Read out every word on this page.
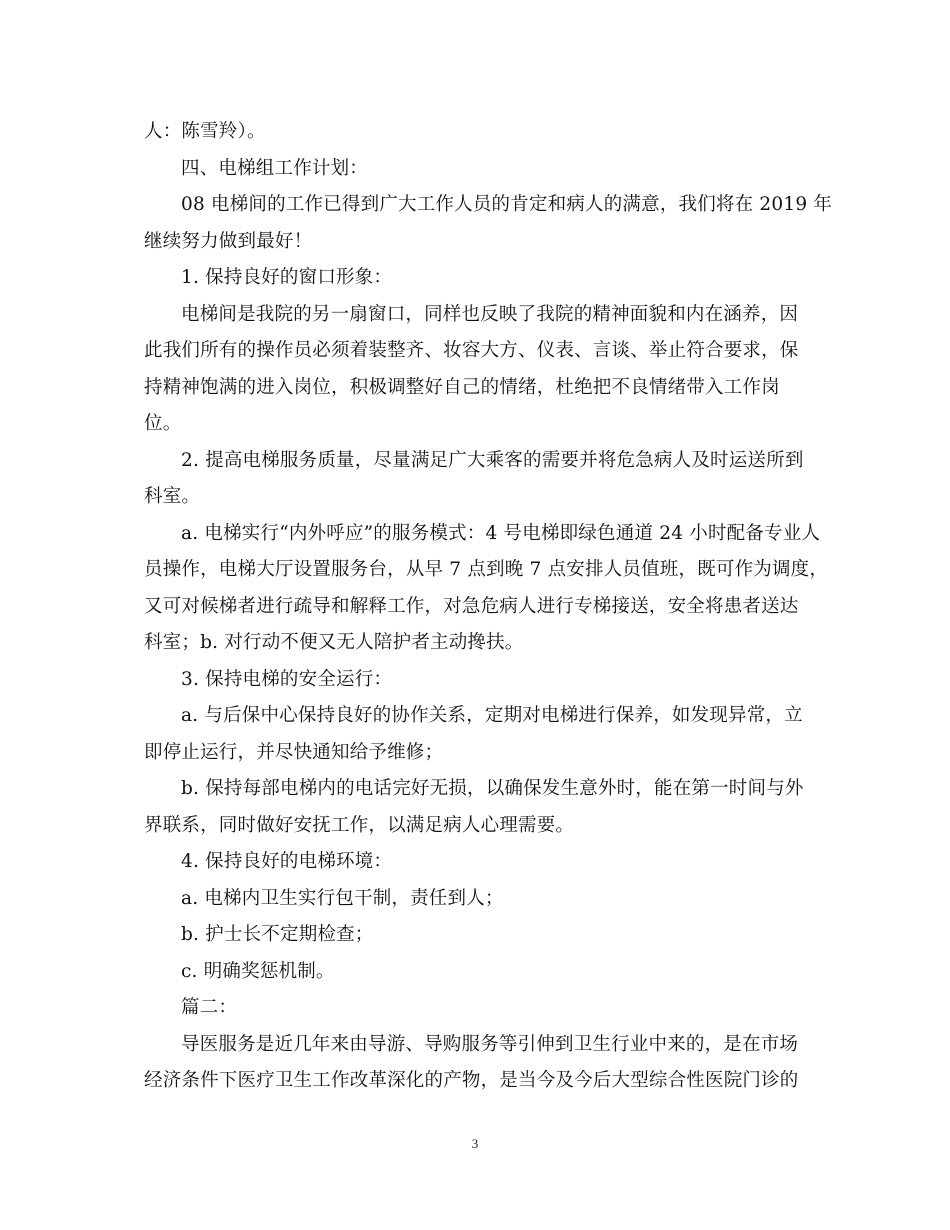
人：陈雪羚）。
四、电梯组工作计划：
08 电梯间的工作已得到广大工作人员的肯定和病人的满意，我们将在 2019 年
继续努力做到最好！
1. 保持良好的窗口形象：
电梯间是我院的另一扇窗口，同样也反映了我院的精神面貌和内在涵养，因
此我们所有的操作员必须着装整齐、妆容大方、仪表、言谈、举止符合要求，保
持精神饱满的进入岗位，积极调整好自己的情绪，杜绝把不良情绪带入工作岗
位。
2. 提高电梯服务质量，尽量满足广大乘客的需要并将危急病人及时运送所到
科室。
a. 电梯实行“内外呼应”的服务模式：4 号电梯即绿色通道 24 小时配备专业人
员操作，电梯大厅设置服务台，从早 7 点到晚 7 点安排人员值班，既可作为调度，
又可对候梯者进行疏导和解释工作，对急危病人进行专梯接送，安全将患者送达
科室；b. 对行动不便又无人陪护者主动搀扶。
3. 保持电梯的安全运行：
a. 与后保中心保持良好的协作关系，定期对电梯进行保养，如发现异常，立
即停止运行，并尽快通知给予维修；
b. 保持每部电梯内的电话完好无损，以确保发生意外时，能在第一时间与外
界联系，同时做好安抚工作，以满足病人心理需要。
4. 保持良好的电梯环境：
a. 电梯内卫生实行包干制，责任到人；
b. 护士长不定期检查；
c. 明确奖惩机制。
篇二：
导医服务是近几年来由导游、导购服务等引伸到卫生行业中来的，是在市场
经济条件下医疗卫生工作改革深化的产物，是当今及今后大型综合性医院门诊的
3
